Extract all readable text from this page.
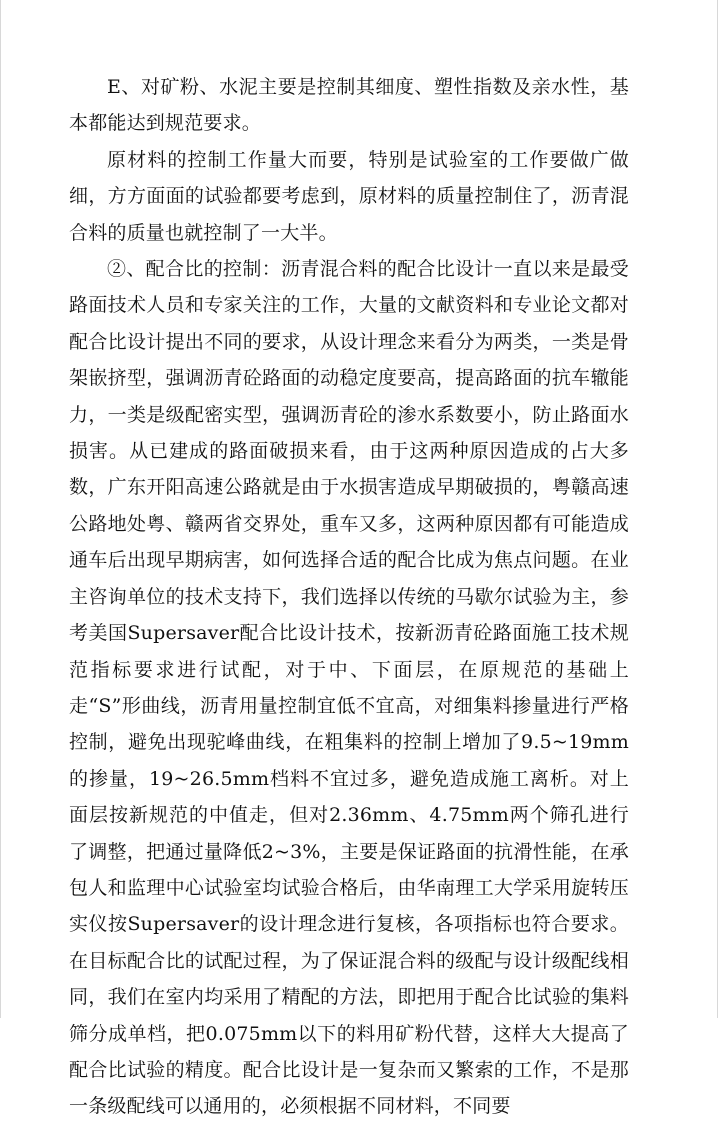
E、对矿粉、水泥主要是控制其细度、塑性指数及亲水性，基本都能达到规范要求。

原材料的控制工作量大而要，特别是试验室的工作要做广做细，方方面面的试验都要考虑到，原材料的质量控制住了，沥青混合料的质量也就控制了一大半。

②、配合比的控制：沥青混合料的配合比设计一直以来是最受路面技术人员和专家关注的工作，大量的文献资料和专业论文都对配合比设计提出不同的要求，从设计理念来看分为两类，一类是骨架嵌挤型，强调沥青砼路面的动稳定度要高，提高路面的抗车辙能力，一类是级配密实型，强调沥青砼的渗水系数要小，防止路面水损害。从已建成的路面破损来看，由于这两种原因造成的占大多数，广东开阳高速公路就是由于水损害造成早期破损的，粤赣高速公路地处粤、赣两省交界处，重车又多，这两种原因都有可能造成通车后出现早期病害，如何选择合适的配合比成为焦点问题。在业主咨询单位的技术支持下，我们选择以传统的马歇尔试验为主，参考美国Supersaver配合比设计技术，按新沥青砼路面施工技术规范指标要求进行试配，对于中、下面层，在原规范的基础上走“S”形曲线，沥青用量控制宜低不宜高，对细集料掺量进行严格控制，避免出现驼峰曲线，在粗集料的控制上增加了9.5~19mm的掺量，19~26.5mm档料不宜过多，避免造成施工离析。对上面层按新规范的中值走，但对2.36mm、4.75mm两个筛孔进行了调整，把通过量降低2~3%，主要是保证路面的抗滑性能，在承包人和监理中心试验室均试验合格后，由华南理工大学采用旋转压实仪按Supersaver的设计理念进行复核，各项指标也符合要求。在目标配合比的试配过程，为了保证混合料的级配与设计级配线相同，我们在室内均采用了精配的方法，即把用于配合比试验的集料筛分成单档，把0.075mm以下的料用矿粉代替，这样大大提高了配合比试验的精度。配合比设计是一复杂而又繁索的工作，不是那一条级配线可以通用的，必须根据不同材料，不同要
